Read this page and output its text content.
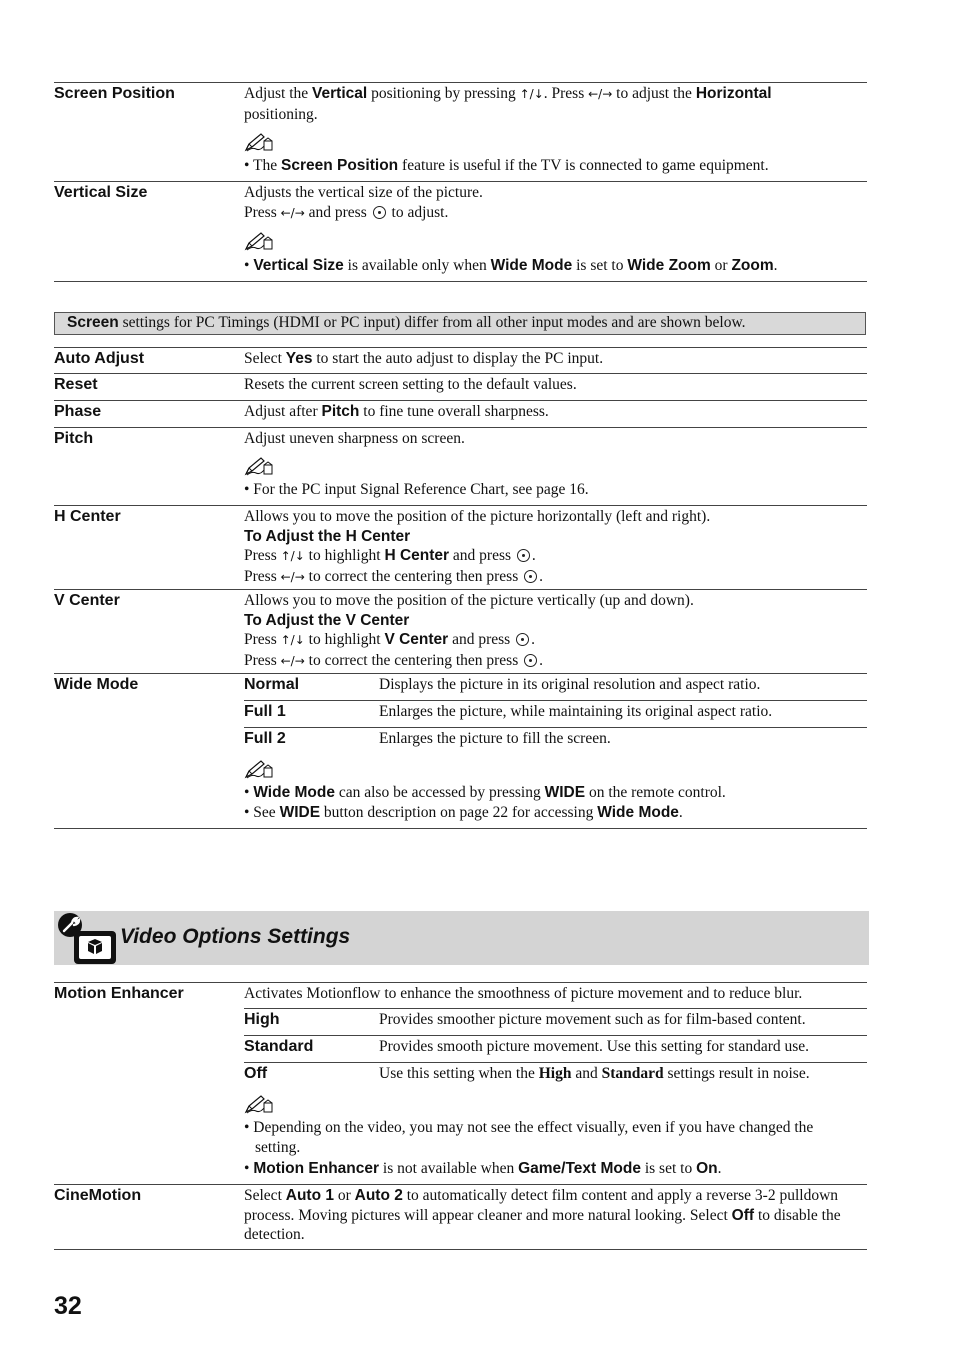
Screen Position	Adjust the Vertical positioning by pressing ↑/↓. Press ←/→ to adjust the Horizontal
positioning.
• The Screen Position feature is useful if the TV is connected to game equipment.
Vertical Size	Adjusts the vertical size of the picture.
Press ←/→ and press  to adjust.
• Vertical Size is available only when Wide Mode is set to Wide Zoom or Zoom.
Screen settings for PC Timings (HDMI or PC input) differ from all other input modes and are shown below.
Auto Adjust	Select Yes to start the auto adjust to display the PC input.
Reset	Resets the current screen setting to the default values.
Phase	Adjust after Pitch to fine tune overall sharpness.
Pitch	Adjust uneven sharpness on screen.
• For the PC input Signal Reference Chart, see page 16.
H Center	Allows you to move the position of the picture horizontally (left and right).
To Adjust the H Center
Press ↑/↓ to highlight H Center and press .
Press ←/→ to correct the centering then press .
V Center	Allows you to move the position of the picture vertically (up and down).
To Adjust the V Center
Press ↑/↓ to highlight V Center and press .
Press ←/→ to correct the centering then press .
Wide Mode	Normal	Displays the picture in its original resolution and aspect ratio.
Full 1	Enlarges the picture, while maintaining its original aspect ratio.
Full 2	Enlarges the picture to fill the screen.
• Wide Mode can also be accessed by pressing WIDE on the remote control.
• See WIDE button description on page 22 for accessing Wide Mode.
Video Options Settings
Motion Enhancer	Activates Motionflow to enhance the smoothness of picture movement and to reduce blur.
High	Provides smoother picture movement such as for film-based content.
Standard	Provides smooth picture movement. Use this setting for standard use.
Off	Use this setting when the High and Standard settings result in noise.
• Depending on the video, you may not see the effect visually, even if you have changed the setting.
• Motion Enhancer is not available when Game/Text Mode is set to On.
CineMotion	Select Auto 1 or Auto 2 to automatically detect film content and apply a reverse 3-2 pulldown process. Moving pictures will appear cleaner and more natural looking. Select Off to disable the detection.
32
